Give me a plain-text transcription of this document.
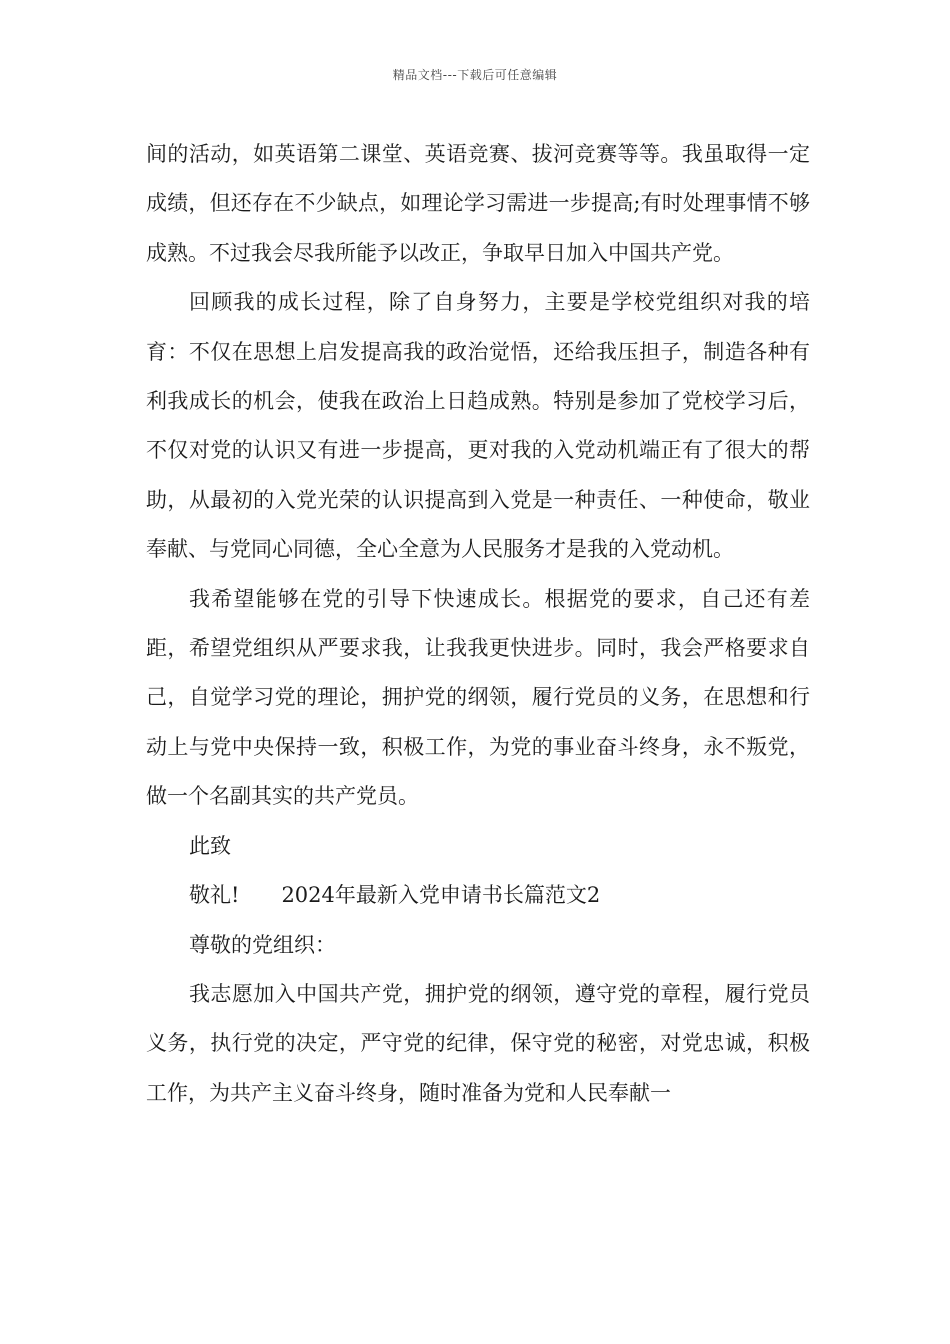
精品文档---下载后可任意编辑

间的活动，如英语第二课堂、英语竞赛、拔河竞赛等等。我虽取得一定成绩，但还存在不少缺点，如理论学习需进一步提高;有时处理事情不够成熟。不过我会尽我所能予以改正，争取早日加入中国共产党。

回顾我的成长过程，除了自身努力，主要是学校党组织对我的培育：不仅在思想上启发提高我的政治觉悟，还给我压担子，制造各种有利我成长的机会，使我在政治上日趋成熟。特别是参加了党校学习后，不仅对党的认识又有进一步提高，更对我的入党动机端正有了很大的帮助，从最初的入党光荣的认识提高到入党是一种责任、一种使命，敬业奉献、与党同心同德，全心全意为人民服务才是我的入党动机。

我希望能够在党的引导下快速成长。根据党的要求，自己还有差距，希望党组织从严要求我，让我我更快进步。同时，我会严格要求自己，自觉学习党的理论，拥护党的纲领，履行党员的义务，在思想和行动上与党中央保持一致，积极工作，为党的事业奋斗终身，永不叛党，做一个名副其实的共产党员。

此致

敬礼!　　2024年最新入党申请书长篇范文2

尊敬的党组织：

我志愿加入中国共产党，拥护党的纲领，遵守党的章程，履行党员义务，执行党的决定，严守党的纪律，保守党的秘密，对党忠诚，积极工作，为共产主义奋斗终身，随时准备为党和人民奉献一
